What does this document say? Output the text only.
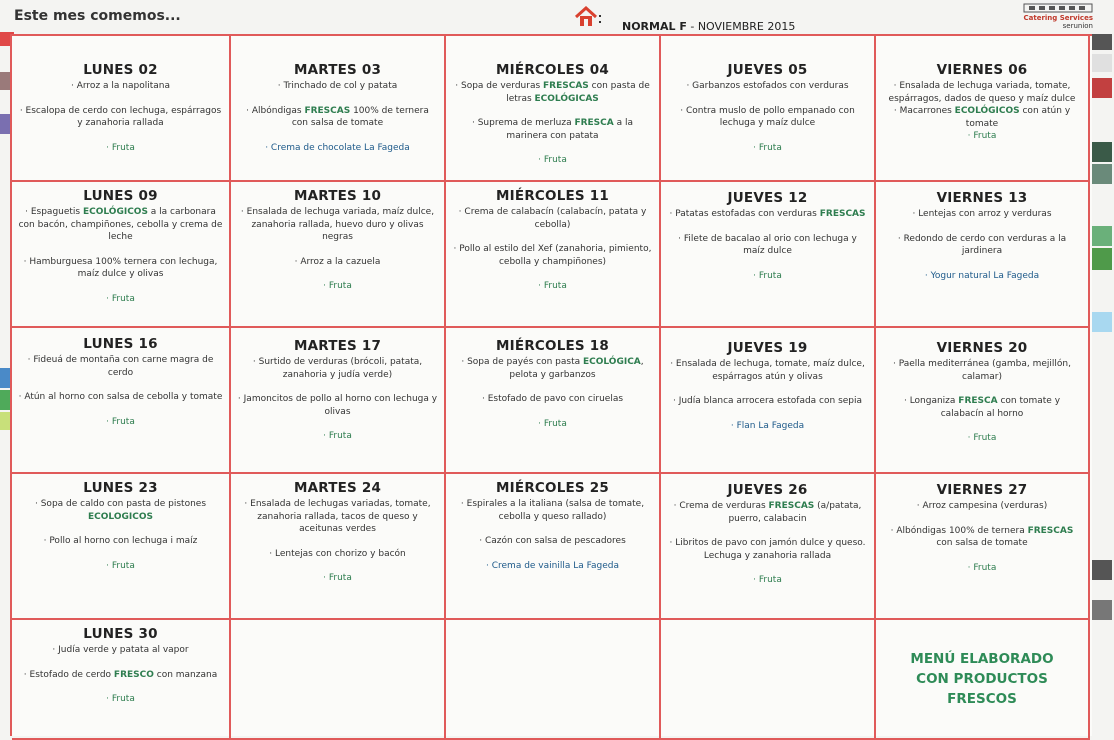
Este mes comemos...
NORMAL F - NOVIEMBRE 2015
Catering Services
serunion
LUNES 02
· Arroz a la napolitana
· Escalopa de cerdo con lechuga, espárragos y zanahoria rallada
· Fruta
MARTES 03
· Trinchado de col y patata
· Albóndigas FRESCAS 100% de ternera con salsa de tomate
· Crema de chocolate La Fageda
MIÉRCOLES 04
· Sopa de verduras FRESCAS con pasta de letras ECOLÓGICAS
· Suprema de merluza FRESCA a la marinera con patata
· Fruta
JUEVES 05
· Garbanzos estofados con verduras
· Contra muslo de pollo empanado con lechuga y maíz dulce
· Fruta
VIERNES 06
· Ensalada de lechuga variada, tomate, espárragos, dados de queso y maíz dulce
· Macarrones ECOLÓGICOS con atún y tomate
· Fruta
LUNES 09
· Espaguetis ECOLÓGICOS a la carbonara con bacón, champiñones, cebolla y crema de leche
· Hamburguesa 100% ternera con lechuga, maíz dulce y olivas
· Fruta
MARTES 10
· Ensalada de lechuga variada, maíz dulce, zanahoria rallada, huevo duro y olivas negras
· Arroz a la cazuela
· Fruta
MIÉRCOLES 11
· Crema de calabacín (calabacín, patata y cebolla)
· Pollo al estilo del Xef (zanahoria, pimiento, cebolla y champiñones)
· Fruta
JUEVES 12
· Patatas estofadas con verduras FRESCAS
· Filete de bacalao al orio con lechuga y maíz dulce
· Fruta
VIERNES 13
· Lentejas con arroz y verduras
· Redondo de cerdo con verduras a la jardinera
· Yogur natural La Fageda
LUNES 16
· Fideuá de montaña con carne magra de cerdo
· Atún al horno con salsa de cebolla y tomate
· Fruta
MARTES 17
· Surtido de verduras (brócoli, patata, zanahoria y judía verde)
· Jamoncitos de pollo al horno con lechuga y olivas
· Fruta
MIÉRCOLES 18
· Sopa de payés con pasta ECOLÓGICA, pelota y garbanzos
· Estofado de pavo con ciruelas
· Fruta
JUEVES 19
· Ensalada de lechuga, tomate, maíz dulce, espárragos atún y olivas
· Judía blanca arrocera estofada con sepia
· Flan La Fageda
VIERNES 20
· Paella mediterránea (gamba, mejillón, calamar)
· Longaniza FRESCA con tomate y calabacín al horno
· Fruta
LUNES 23
· Sopa de caldo con pasta de pistones ECOLOGICOS
· Pollo al horno con lechuga i maíz
· Fruta
MARTES 24
· Ensalada de lechugas variadas, tomate, zanahoria rallada, tacos de queso y aceitunas verdes
· Lentejas con chorizo y bacón
· Fruta
MIÉRCOLES 25
· Espirales a la italiana (salsa de tomate, cebolla y queso rallado)
· Cazón con salsa de pescadores
· Crema de vainilla La Fageda
JUEVES 26
· Crema de verduras FRESCAS (a/patata, puerro, calabacin
· Libritos de pavo con jamón dulce y queso. Lechuga y zanahoria rallada
· Fruta
VIERNES 27
· Arroz campesina (verduras)
· Albóndigas 100% de ternera FRESCAS con salsa de tomate
· Fruta
LUNES 30
· Judía verde y patata al vapor
· Estofado de cerdo FRESCO con manzana
· Fruta
MENÚ ELABORADO
CON PRODUCTOS
FRESCOS
